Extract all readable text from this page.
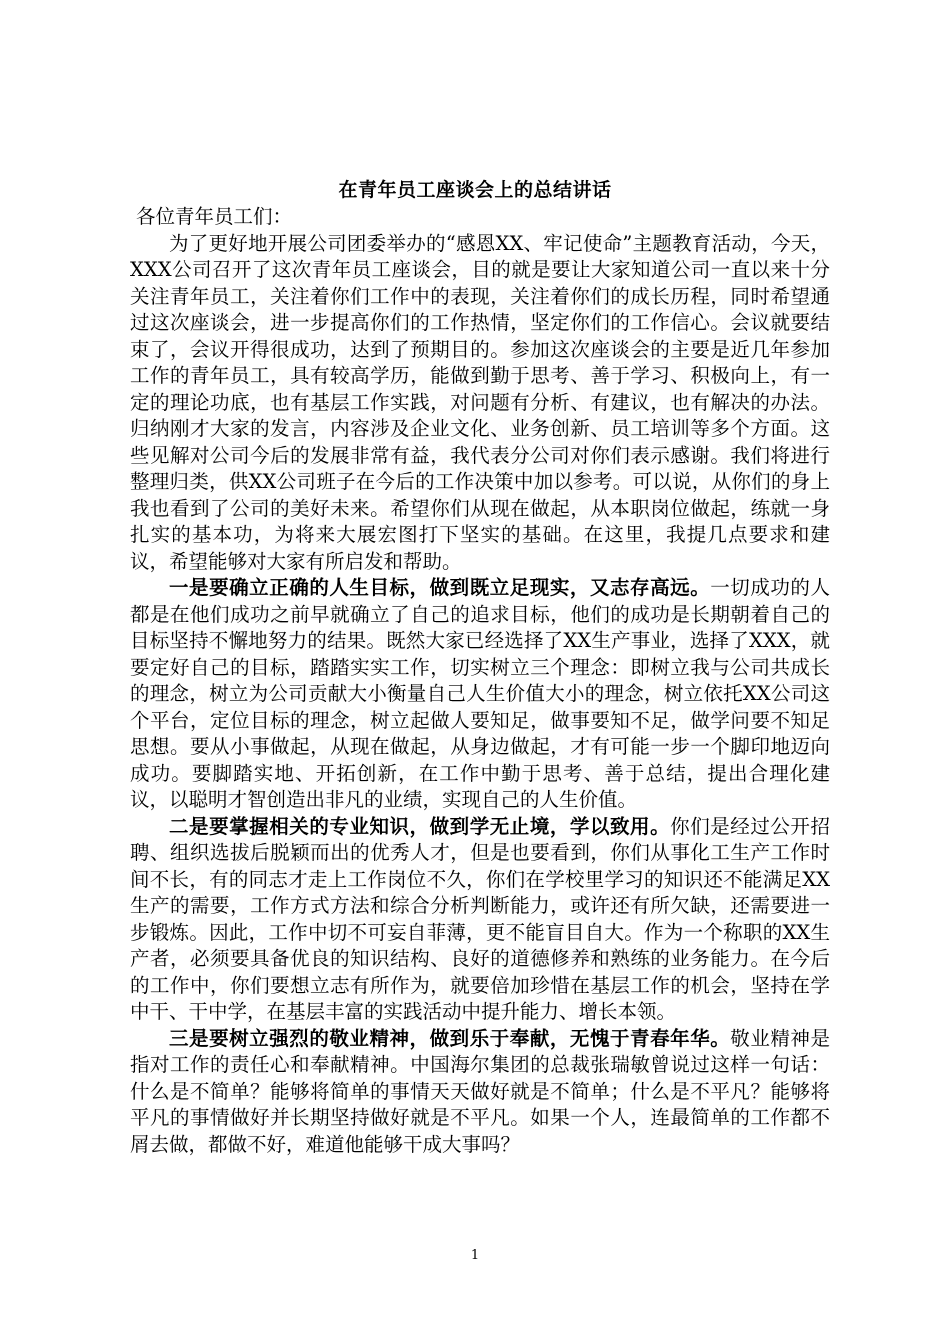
在青年员工座谈会上的总结讲话

各位青年员工们：

为了更好地开展公司团委举办的“感恩XX、牢记使命”主题教育活动，今天，XXX公司召开了这次青年员工座谈会，目的就是要让大家知道公司一直以来十分关注青年员工，关注着你们工作中的表现，关注着你们的成长历程，同时希望通过这次座谈会，进一步提高你们的工作热情，坚定你们的工作信心。会议就要结束了，会议开得很成功，达到了预期目的。参加这次座谈会的主要是近几年参加工作的青年员工，具有较高学历，能做到勤于思考、善于学习、积极向上，有一定的理论功底，也有基层工作实践，对问题有分析、有建议，也有解决的办法。归纳刚才大家的发言，内容涉及企业文化、业务创新、员工培训等多个方面。这些见解对公司今后的发展非常有益，我代表分公司对你们表示感谢。我们将进行整理归类，供XX公司班子在今后的工作决策中加以参考。可以说，从你们的身上我也看到了公司的美好未来。希望你们从现在做起，从本职岗位做起，练就一身扎实的基本功，为将来大展宏图打下坚实的基础。在这里，我提几点要求和建议，希望能够对大家有所启发和帮助。

一是要确立正确的人生目标，做到既立足现实，又志存高远。一切成功的人都是在他们成功之前早就确立了自己的追求目标，他们的成功是长期朝着自己的目标坚持不懈地努力的结果。既然大家已经选择了XX生产事业，选择了XXX，就要定好自己的目标，踏踏实实工作，切实树立三个理念：即树立我与公司共成长的理念，树立为公司贡献大小衡量自己人生价值大小的理念，树立依托XX公司这个平台，定位目标的理念，树立起做人要知足，做事要知不足，做学问要不知足思想。要从小事做起，从现在做起，从身边做起，才有可能一步一个脚印地迈向成功。要脚踏实地、开拓创新，在工作中勤于思考、善于总结，提出合理化建议，以聪明才智创造出非凡的业绩，实现自己的人生价值。

二是要掌握相关的专业知识，做到学无止境，学以致用。你们是经过公开招聘、组织选拔后脱颖而出的优秀人才，但是也要看到，你们从事化工生产工作时间不长，有的同志才走上工作岗位不久，你们在学校里学习的知识还不能满足XX生产的需要，工作方式方法和综合分析判断能力，或许还有所欠缺，还需要进一步锻炼。因此，工作中切不可妄自菲薄，更不能盲目自大。作为一个称职的XX生产者，必须要具备优良的知识结构、良好的道德修养和熟练的业务能力。在今后的工作中，你们要想立志有所作为，就要倍加珍惜在基层工作的机会，坚持在学中干、干中学，在基层丰富的实践活动中提升能力、增长本领。

三是要树立强烈的敬业精神，做到乐于奉献，无愧于青春年华。敬业精神是指对工作的责任心和奉献精神。中国海尔集团的总裁张瑞敏曾说过这样一句话：什么是不简单？能够将简单的事情天天做好就是不简单；什么是不平凡？能够将平凡的事情做好并长期坚持做好就是不平凡。如果一个人，连最简单的工作都不屑去做，都做不好，难道他能够干成大事吗？

1
